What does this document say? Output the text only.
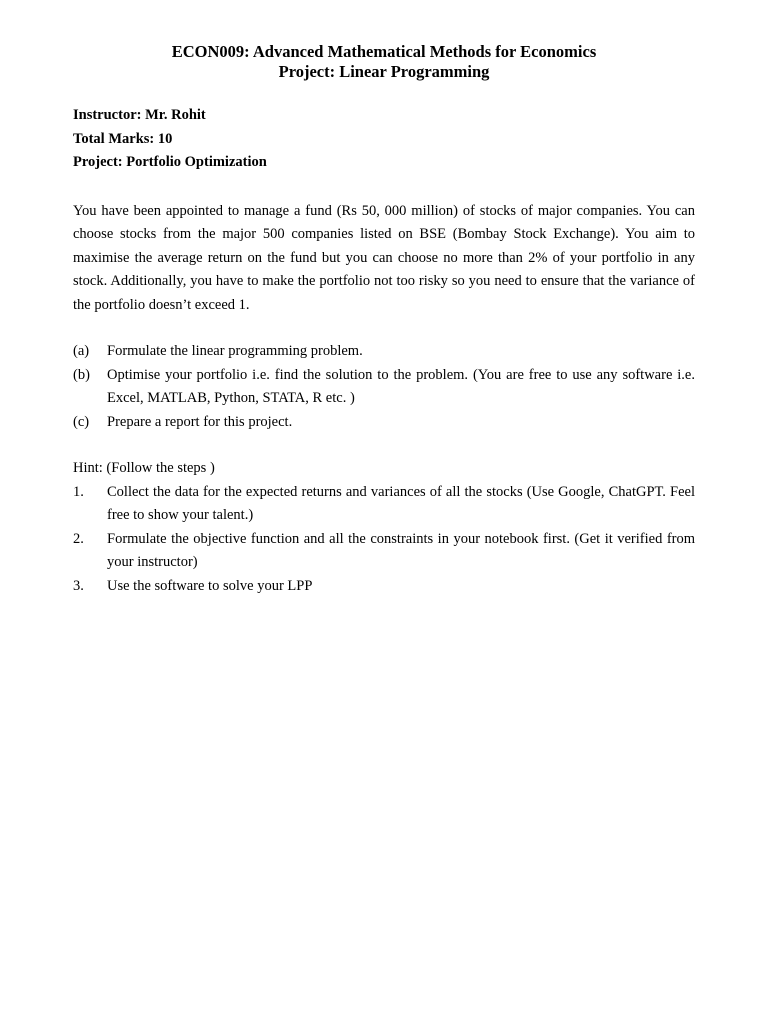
ECON009: Advanced Mathematical Methods for Economics
Project: Linear Programming
Instructor: Mr. Rohit
Total Marks: 10
Project: Portfolio Optimization

You have been appointed to manage a fund (Rs 50, 000 million) of stocks of major companies. You can choose stocks from the major 500 companies listed on BSE (Bombay Stock Exchange). You aim to maximise the average return on the fund but you can choose no more than 2% of your portfolio in any stock. Additionally, you have to make the portfolio not too risky so you need to ensure that the variance of the portfolio doesn’t exceed 1.

(a)	Formulate the linear programming problem.
(b)	Optimise your portfolio i.e. find the solution to the problem. (You are free to use any software i.e. Excel, MATLAB, Python, STATA, R etc. )
(c)	Prepare a report for this project.
Hint: (Follow the steps )
1.	Collect the data for the expected returns and variances of all the stocks (Use Google, ChatGPT. Feel free to show your talent.)
2.	Formulate the objective function and all the constraints in your notebook first. (Get it verified from your instructor)
3.	Use the software to solve your LPP
